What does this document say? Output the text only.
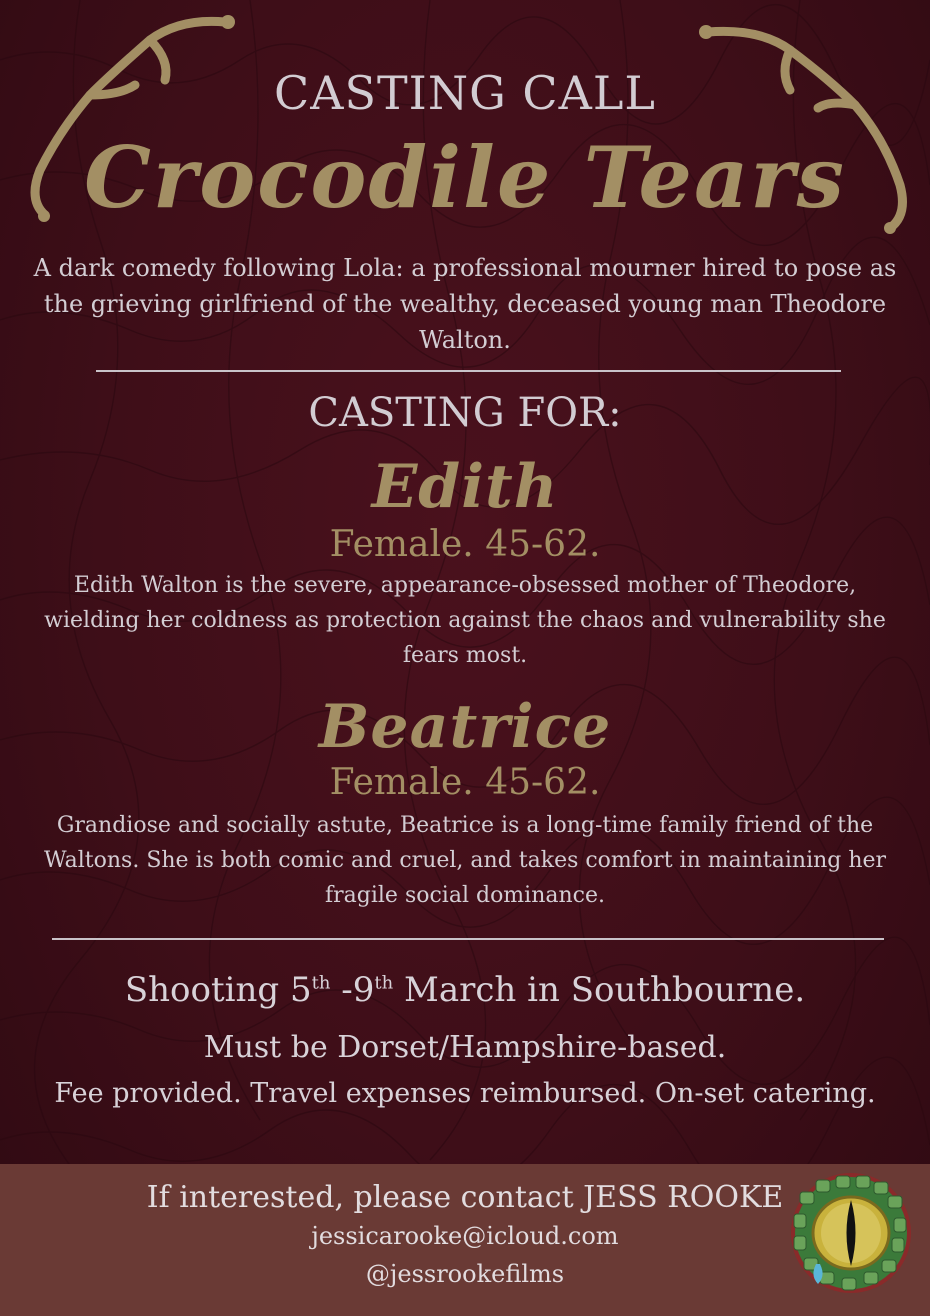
CASTING CALL
Crocodile Tears
A dark comedy following Lola: a professional mourner hired to pose as the grieving girlfriend of the wealthy, deceased young man Theodore Walton.
CASTING FOR:
Edith
Female. 45-62.
Edith Walton is the severe, appearance-obsessed mother of Theodore, wielding her coldness as protection against the chaos and vulnerability she fears most.
Beatrice
Female. 45-62.
Grandiose and socially astute, Beatrice is a long-time family friend of the Waltons. She is both comic and cruel, and takes comfort in maintaining her fragile social dominance.
Shooting 5th -9th March in Southbourne.
Must be Dorset/Hampshire-based.
Fee provided. Travel expenses reimbursed. On-set catering.
If interested, please contact JESS ROOKE
jessicarooke@icloud.com
@jessrookefilms
